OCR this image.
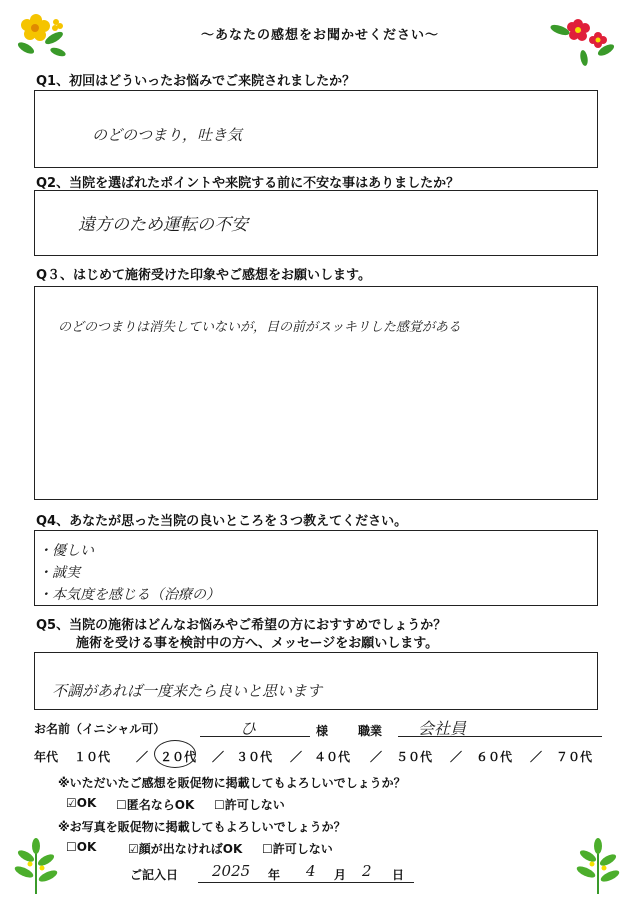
～あなたの感想をお聞かせください～
Q1、初回はどういったお悩みでご来院されましたか？
のどのつまり，吐き気
Q2、当院を選ばれたポイントや来院する前に不安な事はありましたか？
遠方のため運転の不安
Q３、はじめて施術受けた印象やご感想をお願いします。
のどのつまりは消失していないが，目の前がスッキリした感覚がある
Q4、あなたが思った当院の良いところを３つ教えてください。
・優しい
・誠実
・本気度を感じる（治療の）
Q5、当院の施術はどんなお悩みやご希望の方におすすめでしょうか？
施術を受ける事を検討中の方へ、メッセージをお願いします。
不調があれば一度来たら良いと思います
お名前（イニシャル可）	ひ	様 職業 会社員
年代 １０代 ／ ２０代 ／ ３０代 ／ ４０代 ／ ５０代 ／ ６０代 ／ ７０代
※いただいたご感想を販促物に掲載してもよろしいでしょうか？
☑OK ☐匿名ならOK ☐許可しない
※お写真を販促物に掲載してもよろしいでしょうか？
☐OK	☑顔が出なければOK ☐許可しない
ご記入日 2025 年 4 月 2 日
